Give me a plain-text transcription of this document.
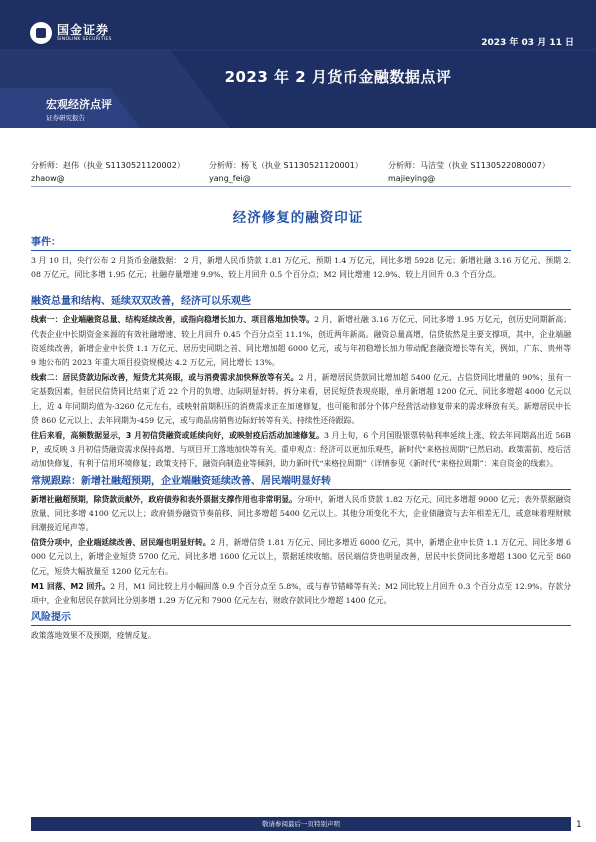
国金证券
SINOLINK SECURITIES	2023 年 03 月 11 日
2023 年 2 月货币金融数据点评
宏观经济点评
证券研究报告
分析师：赵伟（执业 S1130521120002）
zhaow@
分析师：杨飞（执业 S1130521120001）
yang_fei@
分析师：马洁莹（执业 S1130522080007）
majieying@
经济修复的融资印证
事件：

3 月 10 日，央行公布 2 月货币金融数据： 2 月，新增人民币贷款 1.81 万亿元、预期 1.4 万亿元，同比多增 5928 亿元；新增社融 3.16 万亿元、预期 2.08 万亿元，同比多增 1.95 亿元；社融存量增速 9.9%、较上月回升 0.5 个百分点；M2 同比增速 12.9%、较上月回升 0.3 个百分点。

融资总量和结构、延续双双改善，经济可以乐观些

线索一：企业端融资总量、结构延续改善，或指向稳增长加力、项目落地加快等。2 月，新增社融 3.16 万亿元、同比多增 1.95 万亿元，创历史同期新高；代表企业中长期资金来源的有效社融增速、较上月回升 0.45 个百分点至 11.1%，创近两年新高。融资总量高增，信贷依然是主要支撑项，其中，企业端融资延续改善，新增企业中长贷 1.1 万亿元、居历史同期之首、同比增加超 6000 亿元，或与年初稳增长加力带动配套融资增长等有关，例如，广东、贵州等 9 地公布的 2023 年重大项目投资规模达 4.2 万亿元，同比增长 13%。

线索二：居民贷款边际改善，短贷尤其亮眼，或与消费需求加快释放等有关。2 月，新增居民贷款同比增加超 5400 亿元、占信贷同比增量的 90%；虽有一定基数因素，但居民信贷同比结束了近 22 个月的负增、边际明显好转。拆分来看，居民短贷表现亮眼，单月新增超 1200 亿元、同比多增超 4000 亿元以上，近 4 年同期均值为-3260 亿元左右，或映射前期积压的消费需求正在加速修复，也可能和部分个体户经营活动修复带来的需求释放有关。新增居民中长贷 860 亿元以上、去年同期为-459 亿元，或与商品房销售边际好转等有关、持续性还待跟踪。

往后来看，高频数据显示，3 月初信贷融资或延续向好，或映射疫后活动加速修复。3 月上旬，6 个月国股银票转帖利率延续上涨、较去年同期高出近 56BP，或反映 3 月初信贷融资需求保持高增、与项目开工落地加快等有关。重申观点：经济可以更加乐观些，新时代“来格拉周期”已然启动。政策需前、疫后活动加快修复，有利于信用环境修复；政策支持下，融资向制造业等倾斜，助力新时代“来格拉周期”（详情参见《新时代“来格拉周期”：来自资金的线索》。

常规跟踪：新增社融超预期，企业端融资延续改善、居民端明显好转

新增社融超预期，除贷款贡献外，政府债券和表外票据支撑作用也非常明显。分项中，新增人民币贷款 1.82 万亿元、同比多增超 9000 亿元；表外票据融资放量、同比多增 4100 亿元以上；政府债券融资节奏前移、同比多增超 5400 亿元以上。其他分项变化不大，企业债融资与去年相差无几，或意味着理财赎回潮接近尾声等。

信贷分项中，企业端延续改善、居民端也明显好转。2 月，新增信贷 1.81 万亿元、同比多增近 6000 亿元，其中，新增企业中长贷 1.1 万亿元、同比多增 6000 亿元以上，新增企业短贷 5700 亿元、同比多增 1600 亿元以上，票据延续收缩。居民端信贷也明显改善，居民中长贷同比多增超 1300 亿元至 860 亿元，短贷大幅放量至 1200 亿元左右。

M1 回落、M2 回升。2 月，M1 同比较上月小幅回落 0.9 个百分点至 5.8%，或与春节错峰等有关；M2 同比较上月回升 0.3 个百分点至 12.9%。存款分项中，企业和居民存款同比分别多增 1.29 万亿元和 7900 亿元左右，财政存款同比少增超 1400 亿元。

风险提示

政策落地效果不及预期，疫情反复。

敬请参阅最后一页特别声明	1
